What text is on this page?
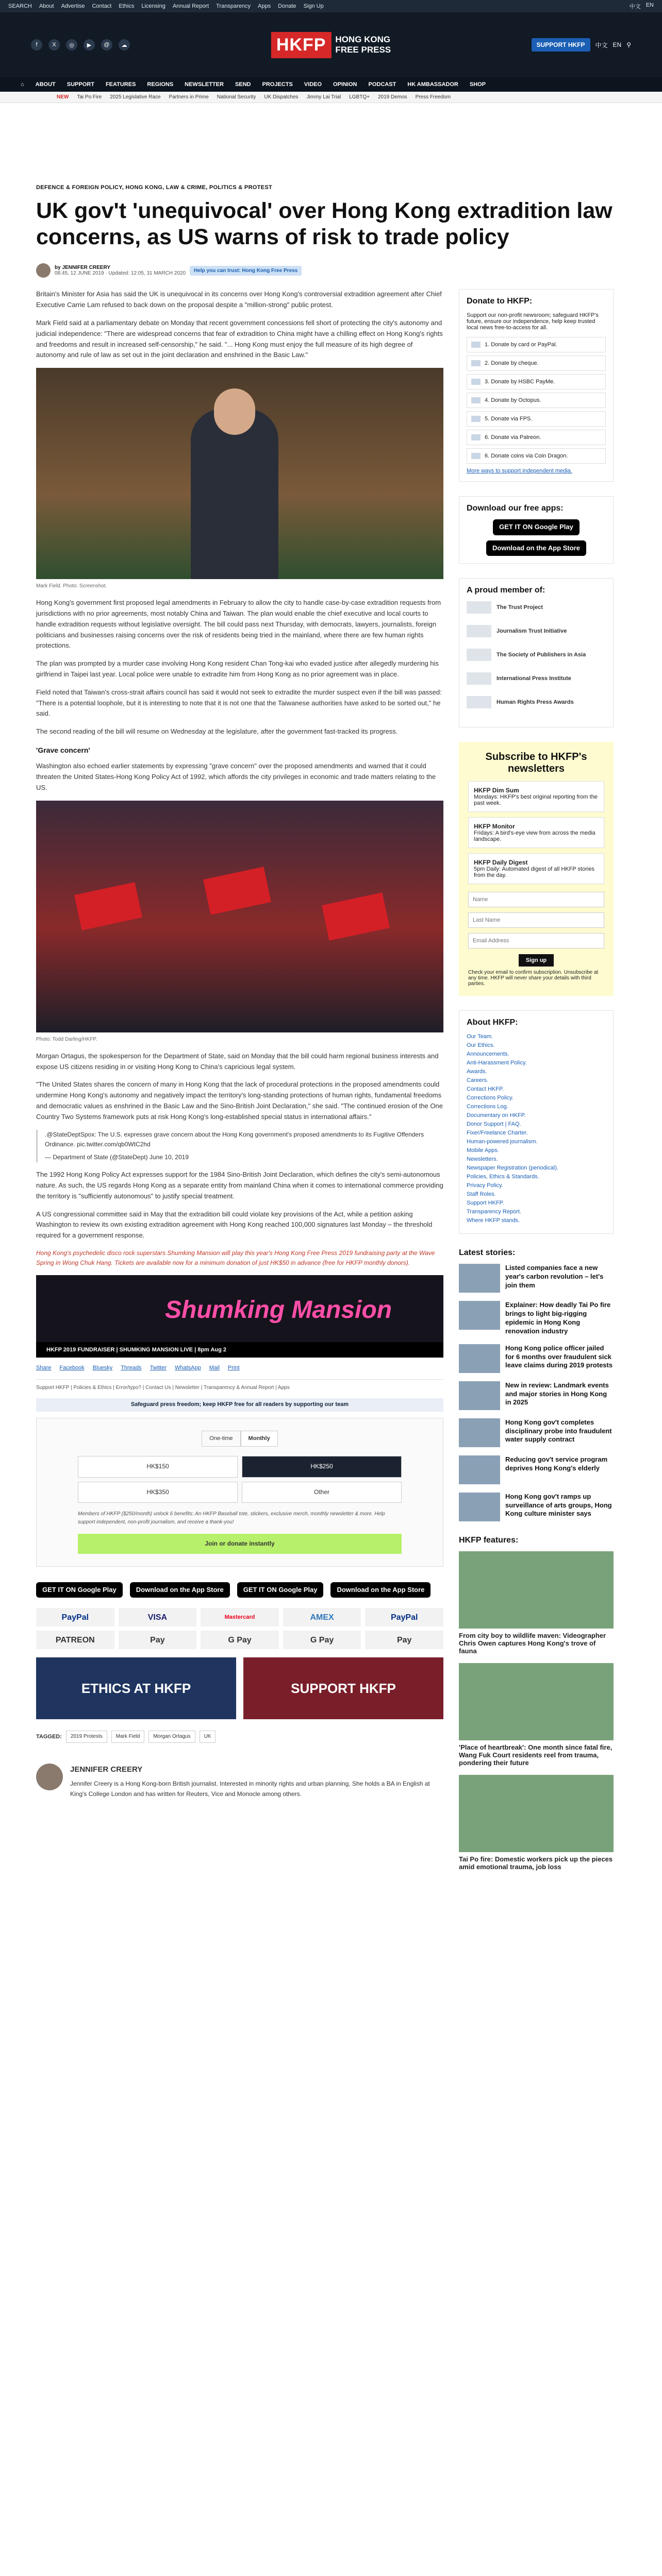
SEARCH About Advertise Contact Ethics Licensing Annual Report Transparency Apps Donate Sign Up	中文 EN
f	X	◎	▶	@	☁	HKFP	HONG KONG
FREE PRESS	SUPPORT HKFP	中文 EN ⚲
⌂ ABOUT SUPPORT FEATURES REGIONS NEWSLETTER SEND PROJECTS VIDEO OPINION PODCAST HK AMBASSADOR SHOP
NEW Tai Po Fire 2025 Legislative Race Partners in Prime National Security UK Dispatches Jimmy Lai Trial LGBTQ+ 2019 Demos Press Freedom
DEFENCE & FOREIGN POLICY, HONG KONG, LAW & CRIME, POLITICS & PROTEST
UK gov't 'unequivocal' over Hong Kong extradition law concerns, as US warns of risk to trade policy
by JENNIFER CREERY
08:45, 12 JUNE 2019 · Updated: 12:05, 31 MARCH 2020	Help you can trust: Hong Kong Free Press

Britain's Minister for Asia has said the UK is unequivocal in its concerns over Hong Kong's controversial extradition agreement after Chief Executive Carrie Lam refused to back down on the proposal despite a "million-strong" public protest.

Mark Field said at a parliamentary debate on Monday that recent government concessions fell short of protecting the city's autonomy and judicial independence: "There are widespread concerns that fear of extradition to China might have a chilling effect on Hong Kong's rights and freedoms and result in increased self-censorship," he said. "... Hong Kong must enjoy the full measure of its high degree of autonomy and rule of law as set out in the joint declaration and enshrined in the Basic Law."

Mark Field. Photo: Screenshot.

Hong Kong's government first proposed legal amendments in February to allow the city to handle case-by-case extradition requests from jurisdictions with no prior agreements, most notably China and Taiwan. The plan would enable the chief executive and local courts to handle extradition requests without legislative oversight. The bill could pass next Thursday, with democrats, lawyers, journalists, foreign politicians and businesses raising concerns over the risk of residents being tried in the mainland, where there are few human rights protections.

The plan was prompted by a murder case involving Hong Kong resident Chan Tong-kai who evaded justice after allegedly murdering his girlfriend in Taipei last year. Local police were unable to extradite him from Hong Kong as no prior agreement was in place.

Field noted that Taiwan's cross-strait affairs council has said it would not seek to extradite the murder suspect even if the bill was passed: "There is a potential loophole, but it is interesting to note that it is not one that the Taiwanese authorities have asked to be sorted out," he said.

The second reading of the bill will resume on Wednesday at the legislature, after the government fast-tracked its progress.

'Grave concern'

Washington also echoed earlier statements by expressing "grave concern" over the proposed amendments and warned that it could threaten the United States-Hong Kong Policy Act of 1992, which affords the city privileges in economic and trade matters relating to the US.

Photo: Todd Darling/HKFP.

Morgan Ortagus, the spokesperson for the Department of State, said on Monday that the bill could harm regional business interests and expose US citizens residing in or visiting Hong Kong to China's capricious legal system.

"The United States shares the concern of many in Hong Kong that the lack of procedural protections in the proposed amendments could undermine Hong Kong's autonomy and negatively impact the territory's long-standing protections of human rights, fundamental freedoms and democratic values as enshrined in the Basic Law and the Sino-British Joint Declaration," she said. "The continued erosion of the One Country Two Systems framework puts at risk Hong Kong's long-established special status in international affairs."

.@StateDeptSpox: The U.S. expresses grave concern about the Hong Kong government's proposed amendments to its Fugitive Offenders Ordinance. pic.twitter.com/qb0WtC2hd
— Department of State (@StateDept) June 10, 2019

The 1992 Hong Kong Policy Act expresses support for the 1984 Sino-British Joint Declaration, which defines the city's semi-autonomous nature. As such, the US regards Hong Kong as a separate entity from mainland China when it comes to international commerce providing the territory is "sufficiently autonomous" to justify special treatment.

A US congressional committee said in May that the extradition bill could violate key provisions of the Act, while a petition asking Washington to review its own existing extradition agreement with Hong Kong reached 100,000 signatures last Monday – the threshold required for a government response.

Hong Kong's psychedelic disco rock superstars Shumking Mansion will play this year's Hong Kong Free Press 2019 fundraising party at the Wave Spring in Wong Chuk Hang. Tickets are available now for a minimum donation of just HK$50 in advance (free for HKFP monthly donors).

Shumking Mansion
HKFP 2019 FUNDRAISER | SHUMKING MANSION LIVE | 8pm Aug 2
Share Facebook Bluesky Threads Twitter WhatsApp Mail Print
Support HKFP | Policies & Ethics | Error/typo? | Contact Us | Newsletter | Transparency & Annual Report | Apps
Safeguard press freedom; keep HKFP free for all readers by supporting our team
One-time	Monthly
HK$150	HK$250
HK$350	Other
Members of HKFP ($250/month) unlock 6 benefits: An HKFP Baseball tote, stickers, exclusive merch, monthly newsletter & more. Help support independent, non-profit journalism, and receive a thank-you!
Join or donate instantly
GET IT ON Google Play	Download on the App Store	GET IT ON Google Play	Download on the App Store
PayPal	VISA	Mastercard	AMEX	PayPal
PATREON	Pay	G Pay	G Pay	Pay
ETHICS AT HKFP	SUPPORT HKFP
TAGGED:	2019 Protests	Mark Field	Morgan Ortagus	UK
JENNIFER CREERY
Jennifer Creery is a Hong Kong-born British journalist. Interested in minority rights and urban planning, She holds a BA in English at King's College London and has written for Reuters, Vice and Monocle among others.
Donate to HKFP:

Support our non-profit newsroom; safeguard HKFP's future, ensure our independence, help keep trusted local news free-to-access for all.

1. Donate by card or PayPal.
2. Donate by cheque.
3. Donate by HSBC PayMe.
4. Donate by Octopus.
5. Donate via FPS.
6. Donate via Patreon.
6. Donate coins via Coin Dragon.
More ways to support independent media.
Download our free apps:
GET IT ON Google Play
Download on the App Store
A proud member of:
The Trust Project
Journalism Trust Initiative
The Society of Publishers in Asia
International Press Institute
Human Rights Press Awards
Subscribe to HKFP's newsletters
HKFP Dim Sum
Mondays: HKFP's best original reporting from the past week.
HKFP Monitor
Fridays: A bird's-eye view from across the media landscape.
HKFP Daily Digest
5pm Daily: Automated digest of all HKFP stories from the day.
Name Last Name Email Address Sign up

Check your email to confirm subscription. Unsubscribe at any time. HKFP will never share your details with third parties.

About HKFP:
Our Team.
Our Ethics.
Announcements.
Anti-Harassment Policy.
Awards.
Careers.
Contact HKFP.
Corrections Policy.
Corrections Log.
Documentary on HKFP.
Donor Support | FAQ.
Fixer/Freelance Charter.
Human-powered journalism.
Mobile Apps.
Newsletters.
Newspaper Registration (periodical).
Policies, Ethics & Standards.
Privacy Policy.
Staff Roles.
Support HKFP.
Transparency Report.
Where HKFP stands.
Latest stories:
Listed companies face a new year's carbon revolution – let's join them
Explainer: How deadly Tai Po fire brings to light big-rigging epidemic in Hong Kong renovation industry
Hong Kong police officer jailed for 6 months over fraudulent sick leave claims during 2019 protests
New in review: Landmark events and major stories in Hong Kong in 2025
Hong Kong gov't completes disciplinary probe into fraudulent water supply contract
Reducing gov't service program deprives Hong Kong's elderly
Hong Kong gov't ramps up surveillance of arts groups, Hong Kong culture minister says
HKFP features:
From city boy to wildlife maven: Videographer Chris Owen captures Hong Kong's trove of fauna
'Place of heartbreak': One month since fatal fire, Wang Fuk Court residents reel from trauma, pondering their future
Tai Po fire: Domestic workers pick up the pieces amid emotional trauma, job loss
